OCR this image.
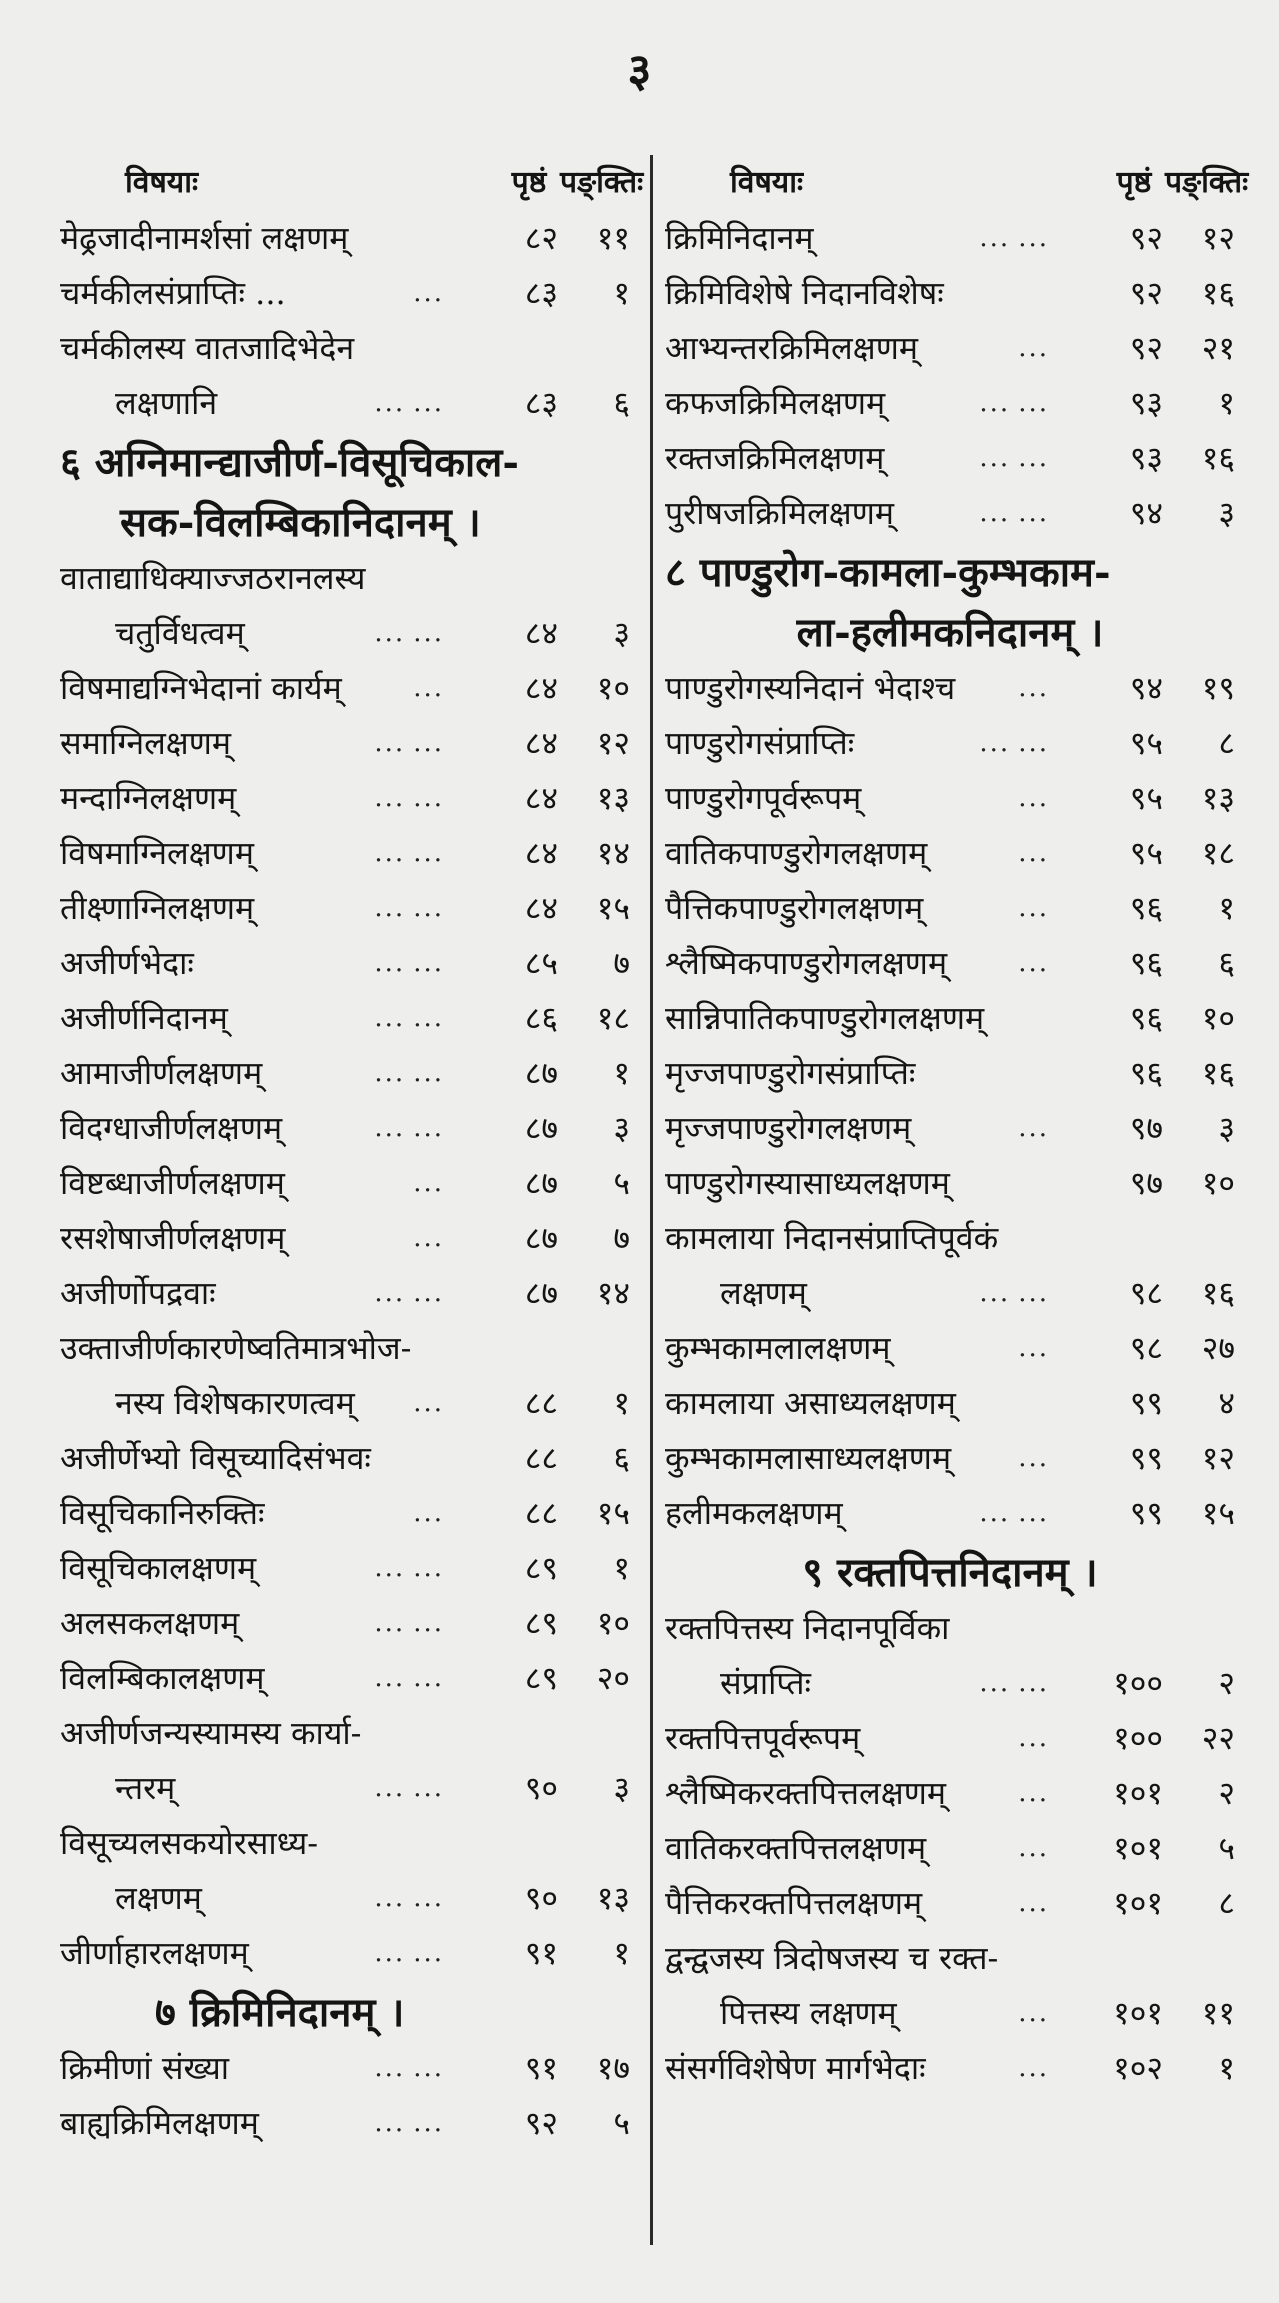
३
विषयाः	पृष्ठं पङ्क्तिः
मेढ्रजादीनामर्शसां लक्षणम्	८२	११
चर्मकीलसंप्राप्तिः ...	...	८३	१
चर्मकीलस्य वातजादिभेदेन
लक्षणानि	... ...	८३	६
६ अग्निमान्द्याजीर्ण-विसूचिकाल-
सक-विलम्बिकानिदानम् ।
वाताद्याधिक्याज्जठरानलस्य
चतुर्विधत्वम्	... ...	८४	३
विषमाद्यग्निभेदानां कार्यम्	...	८४	१०
समाग्निलक्षणम्	... ...	८४	१२
मन्दाग्निलक्षणम्	... ...	८४	१३
विषमाग्निलक्षणम्	... ...	८४	१४
तीक्ष्णाग्निलक्षणम्	... ...	८४	१५
अजीर्णभेदाः	... ...	८५	७
अजीर्णनिदानम्	... ...	८६	१८
आमाजीर्णलक्षणम्	... ...	८७	१
विदग्धाजीर्णलक्षणम्	... ...	८७	३
विष्टब्धाजीर्णलक्षणम्	...	८७	५
रसशेषाजीर्णलक्षणम्	...	८७	७
अजीर्णोपद्रवाः	... ...	८७	१४
उक्ताजीर्णकारणेष्वतिमात्रभोज-
नस्य विशेषकारणत्वम्	...	८८	१
अजीर्णेभ्यो विसूच्यादिसंभवः	८८	६
विसूचिकानिरुक्तिः	...	८८	१५
विसूचिकालक्षणम्	... ...	८९	१
अलसकलक्षणम्	... ...	८९	१०
विलम्बिकालक्षणम्	... ...	८९	२०
अजीर्णजन्यस्यामस्य कार्या-
न्तरम्	... ...	९०	३
विसूच्यलसकयोरसाध्य-
लक्षणम्	... ...	९०	१३
जीर्णाहारलक्षणम्	... ...	९१	१
७ क्रिमिनिदानम् ।
क्रिमीणां संख्या	... ...	९१	१७
बाह्यक्रिमिलक्षणम्	... ...	९२	५
विषयाः	पृष्ठं पङ्क्तिः
क्रिमिनिदानम्	... ...	९२	१२
क्रिमिविशेषे निदानविशेषः	९२	१६
आभ्यन्तरक्रिमिलक्षणम्	...	९२	२१
कफजक्रिमिलक्षणम्	... ...	९३	१
रक्तजक्रिमिलक्षणम्	... ...	९३	१६
पुरीषजक्रिमिलक्षणम्	... ...	९४	३
८ पाण्डुरोग-कामला-कुम्भकाम-
ला-हलीमकनिदानम् ।
पाण्डुरोगस्यनिदानं भेदाश्च	...	९४	१९
पाण्डुरोगसंप्राप्तिः	... ...	९५	८
पाण्डुरोगपूर्वरूपम्	...	९५	१३
वातिकपाण्डुरोगलक्षणम्	...	९५	१८
पैत्तिकपाण्डुरोगलक्षणम्	...	९६	१
श्लैष्मिकपाण्डुरोगलक्षणम्	...	९६	६
सान्निपातिकपाण्डुरोगलक्षणम्	९६	१०
मृज्जपाण्डुरोगसंप्राप्तिः	९६	१६
मृज्जपाण्डुरोगलक्षणम्	...	९७	३
पाण्डुरोगस्यासाध्यलक्षणम्	९७	१०
कामलाया निदानसंप्राप्तिपूर्वकं
लक्षणम्	... ...	९८	१६
कुम्भकामलालक्षणम्	...	९८	२७
कामलाया असाध्यलक्षणम्	९९	४
कुम्भकामलासाध्यलक्षणम्	...	९९	१२
हलीमकलक्षणम्	... ...	९९	१५
९ रक्तपित्तनिदानम् ।
रक्तपित्तस्य निदानपूर्विका
संप्राप्तिः	... ...	१००	२
रक्तपित्तपूर्वरूपम्	...	१००	२२
श्लैष्मिकरक्तपित्तलक्षणम्	...	१०१	२
वातिकरक्तपित्तलक्षणम्	...	१०१	५
पैत्तिकरक्तपित्तलक्षणम्	...	१०१	८
द्वन्द्वजस्य त्रिदोषजस्य च रक्त-
पित्तस्य लक्षणम्	...	१०१	११
संसर्गविशेषेण मार्गभेदाः	...	१०२	१
